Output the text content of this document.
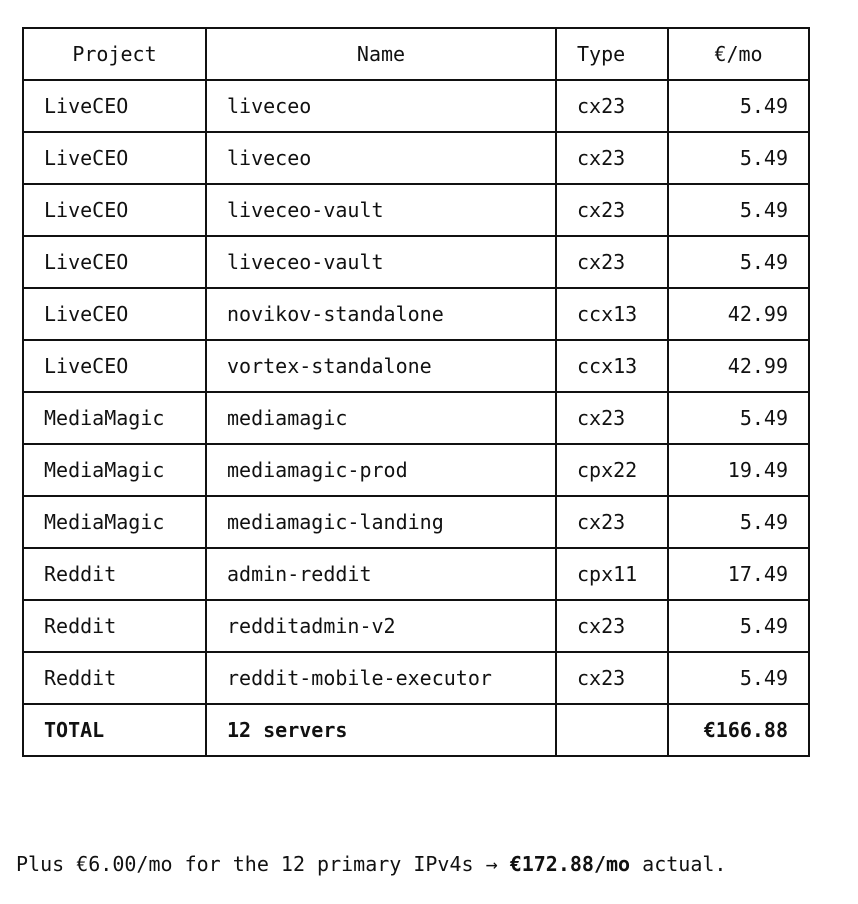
Project	Name	Type	€/mo
LiveCEO	liveceo	cx23	5.49
LiveCEO	liveceo	cx23	5.49
LiveCEO	liveceo-vault	cx23	5.49
LiveCEO	liveceo-vault	cx23	5.49
LiveCEO	novikov-standalone	ccx13	42.99
LiveCEO	vortex-standalone	ccx13	42.99
MediaMagic	mediamagic	cx23	5.49
MediaMagic	mediamagic-prod	cpx22	19.49
MediaMagic	mediamagic-landing	cx23	5.49
Reddit	admin-reddit	cpx11	17.49
Reddit	redditadmin-v2	cx23	5.49
Reddit	reddit-mobile-executor	cx23	5.49
TOTAL	12 servers		€166.88
Plus €6.00/mo for the 12 primary IPv4s → €172.88/mo actual.
